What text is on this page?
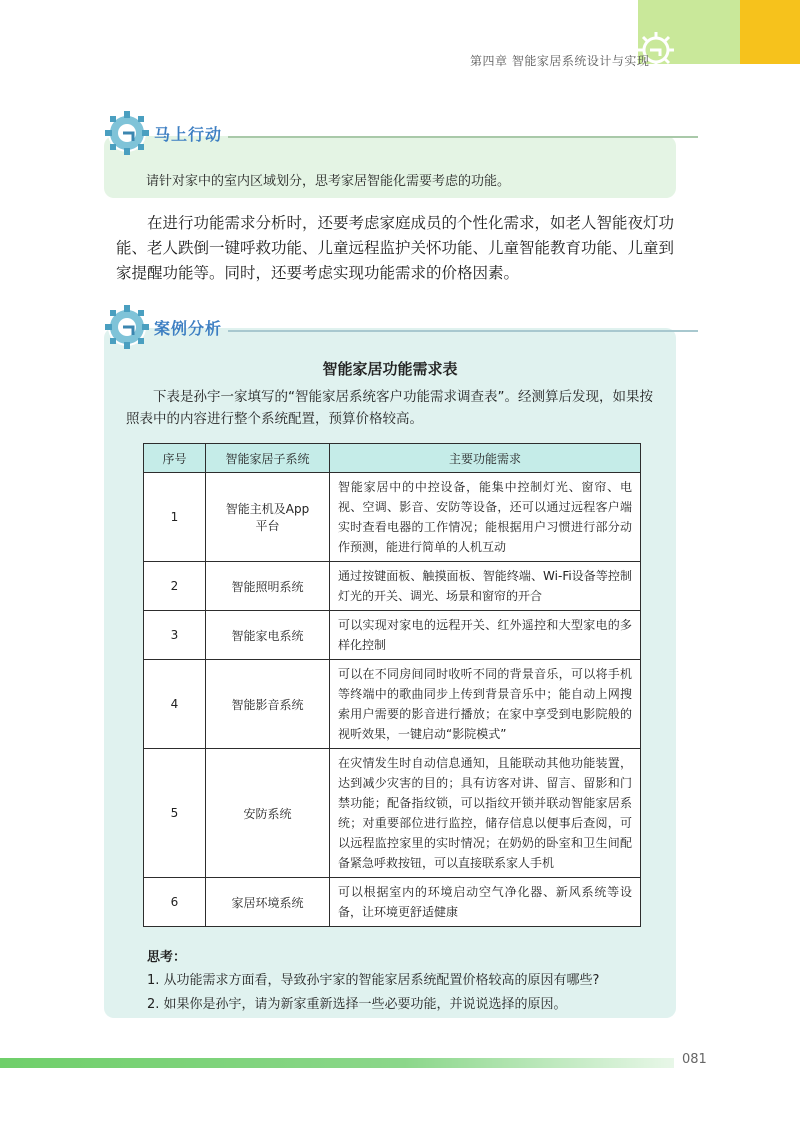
第四章 智能家居系统设计与实现
马上行动
请针对家中的室内区域划分，思考家居智能化需要考虑的功能。
在进行功能需求分析时，还要考虑家庭成员的个性化需求，如老人智能夜灯功能、老人跌倒一键呼救功能、儿童远程监护关怀功能、儿童智能教育功能、儿童到家提醒功能等。同时，还要考虑实现功能需求的价格因素。
案例分析
智能家居功能需求表
下表是孙宇一家填写的“智能家居系统客户功能需求调查表”。经测算后发现，如果按照表中的内容进行整个系统配置，预算价格较高。
序号	智能家居子系统	主要功能需求
1	智能主机及App平台	智能家居中的中控设备，能集中控制灯光、窗帘、电视、空调、影音、安防等设备，还可以通过远程客户端实时查看电器的工作情况；能根据用户习惯进行部分动作预测，能进行简单的人机互动
2	智能照明系统	通过按键面板、触摸面板、智能终端、Wi-Fi设备等控制灯光的开关、调光、场景和窗帘的开合
3	智能家电系统	可以实现对家电的远程开关、红外遥控和大型家电的多样化控制
4	智能影音系统	可以在不同房间同时收听不同的背景音乐，可以将手机等终端中的歌曲同步上传到背景音乐中；能自动上网搜索用户需要的影音进行播放；在家中享受到电影院般的视听效果，一键启动“影院模式”
5	安防系统	在灾情发生时自动信息通知，且能联动其他功能装置，达到减少灾害的目的；具有访客对讲、留言、留影和门禁功能；配备指纹锁，可以指纹开锁并联动智能家居系统；对重要部位进行监控，储存信息以便事后查阅，可以远程监控家里的实时情况；在奶奶的卧室和卫生间配备紧急呼救按钮，可以直接联系家人手机
6	家居环境系统	可以根据室内的环境启动空气净化器、新风系统等设备，让环境更舒适健康
思考：
1. 从功能需求方面看，导致孙宇家的智能家居系统配置价格较高的原因有哪些?
2. 如果你是孙宇，请为新家重新选择一些必要功能，并说说选择的原因。
081
